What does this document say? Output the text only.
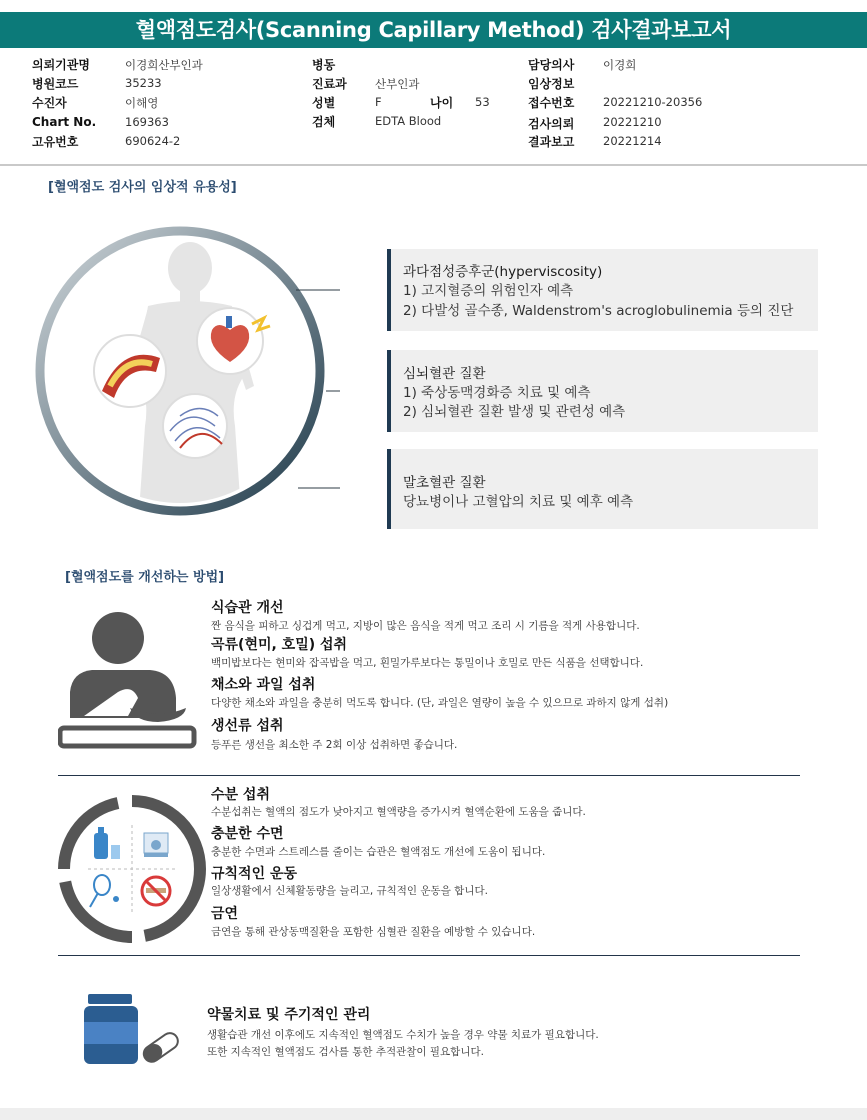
혈액점도검사(Scanning Capillary Method) 검사결과보고서
의뢰기관명	이경희산부인과
병원코드	35233
수진자	이해영
Chart No.	169363
고유번호	690624-2
병동
진료과 산부인과
성별	F	나이 53
검체	EDTA Blood
담당의사 이경희
임상정보
접수번호 20221210-20356
검사의뢰 20221210
결과보고 20221214
[혈액점도 검사의 임상적 유용성]
과다점성증후군(hyperviscosity)
1) 고지혈증의 위험인자 예측
2) 다발성 골수종, Waldenstrom's acroglobulinemia 등의 진단
심뇌혈관 질환
1) 죽상동맥경화증 치료 및 예측
2) 심뇌혈관 질환 발생 및 관련성 예측
말초혈관 질환
당뇨병이나 고혈압의 치료 및 예후 예측
[혈액점도를 개선하는 방법]
식습관 개선
짠 음식을 피하고 싱겁게 먹고, 지방이 많은 음식을 적게 먹고 조리 시 기름을 적게 사용합니다.
곡류(현미, 호밀) 섭취
백미밥보다는 현미와 잡곡밥을 먹고, 흰밀가루보다는 통밀이나 호밀로 만든 식품을 선택합니다.
채소와 과일 섭취
다양한 채소와 과일을 충분히 먹도록 합니다. (단, 과일은 열량이 높을 수 있으므로 과하지 않게 섭취)
생선류 섭취
등푸른 생선을 최소한 주 2회 이상 섭취하면 좋습니다.
수분 섭취
수분섭취는 혈액의 점도가 낮아지고 혈액량을 증가시켜 혈액순환에 도움을 줍니다.
충분한 수면
충분한 수면과 스트레스를 줄이는 습관은 혈액점도 개선에 도움이 됩니다.
규칙적인 운동
일상생활에서 신체활동량을 늘리고, 규칙적인 운동을 합니다.
금연
금연을 통해 관상동맥질환을 포함한 심혈관 질환을 예방할 수 있습니다.
약물치료 및 주기적인 관리
생활습관 개선 이후에도 지속적인 혈액점도 수치가 높을 경우 약물 치료가 필요합니다.
또한 지속적인 혈액점도 검사를 통한 추적관찰이 필요합니다.
